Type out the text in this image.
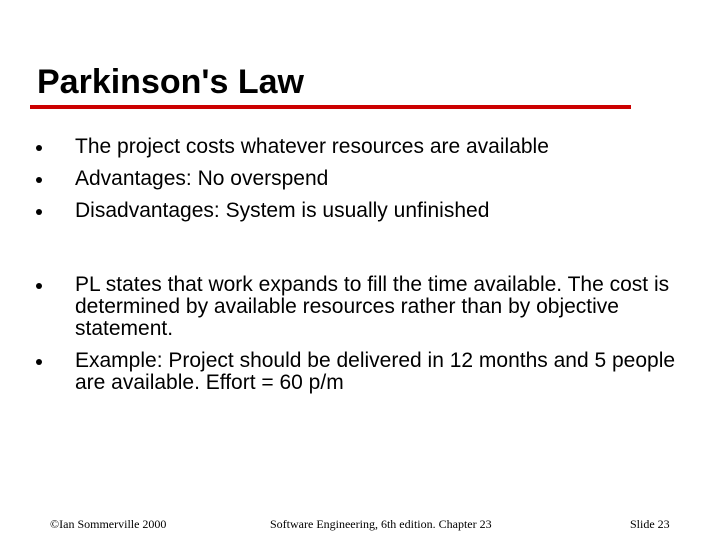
Parkinson's Law
The project costs whatever resources are available
Advantages: No overspend
Disadvantages: System is usually unfinished
PL states that work expands to fill the time available. The cost is determined by available resources rather than by objective statement.
Example: Project should be delivered in 12 months and 5 people are available. Effort = 60 p/m
©Ian Sommerville 2000	Software Engineering, 6th edition. Chapter 23	Slide 23
